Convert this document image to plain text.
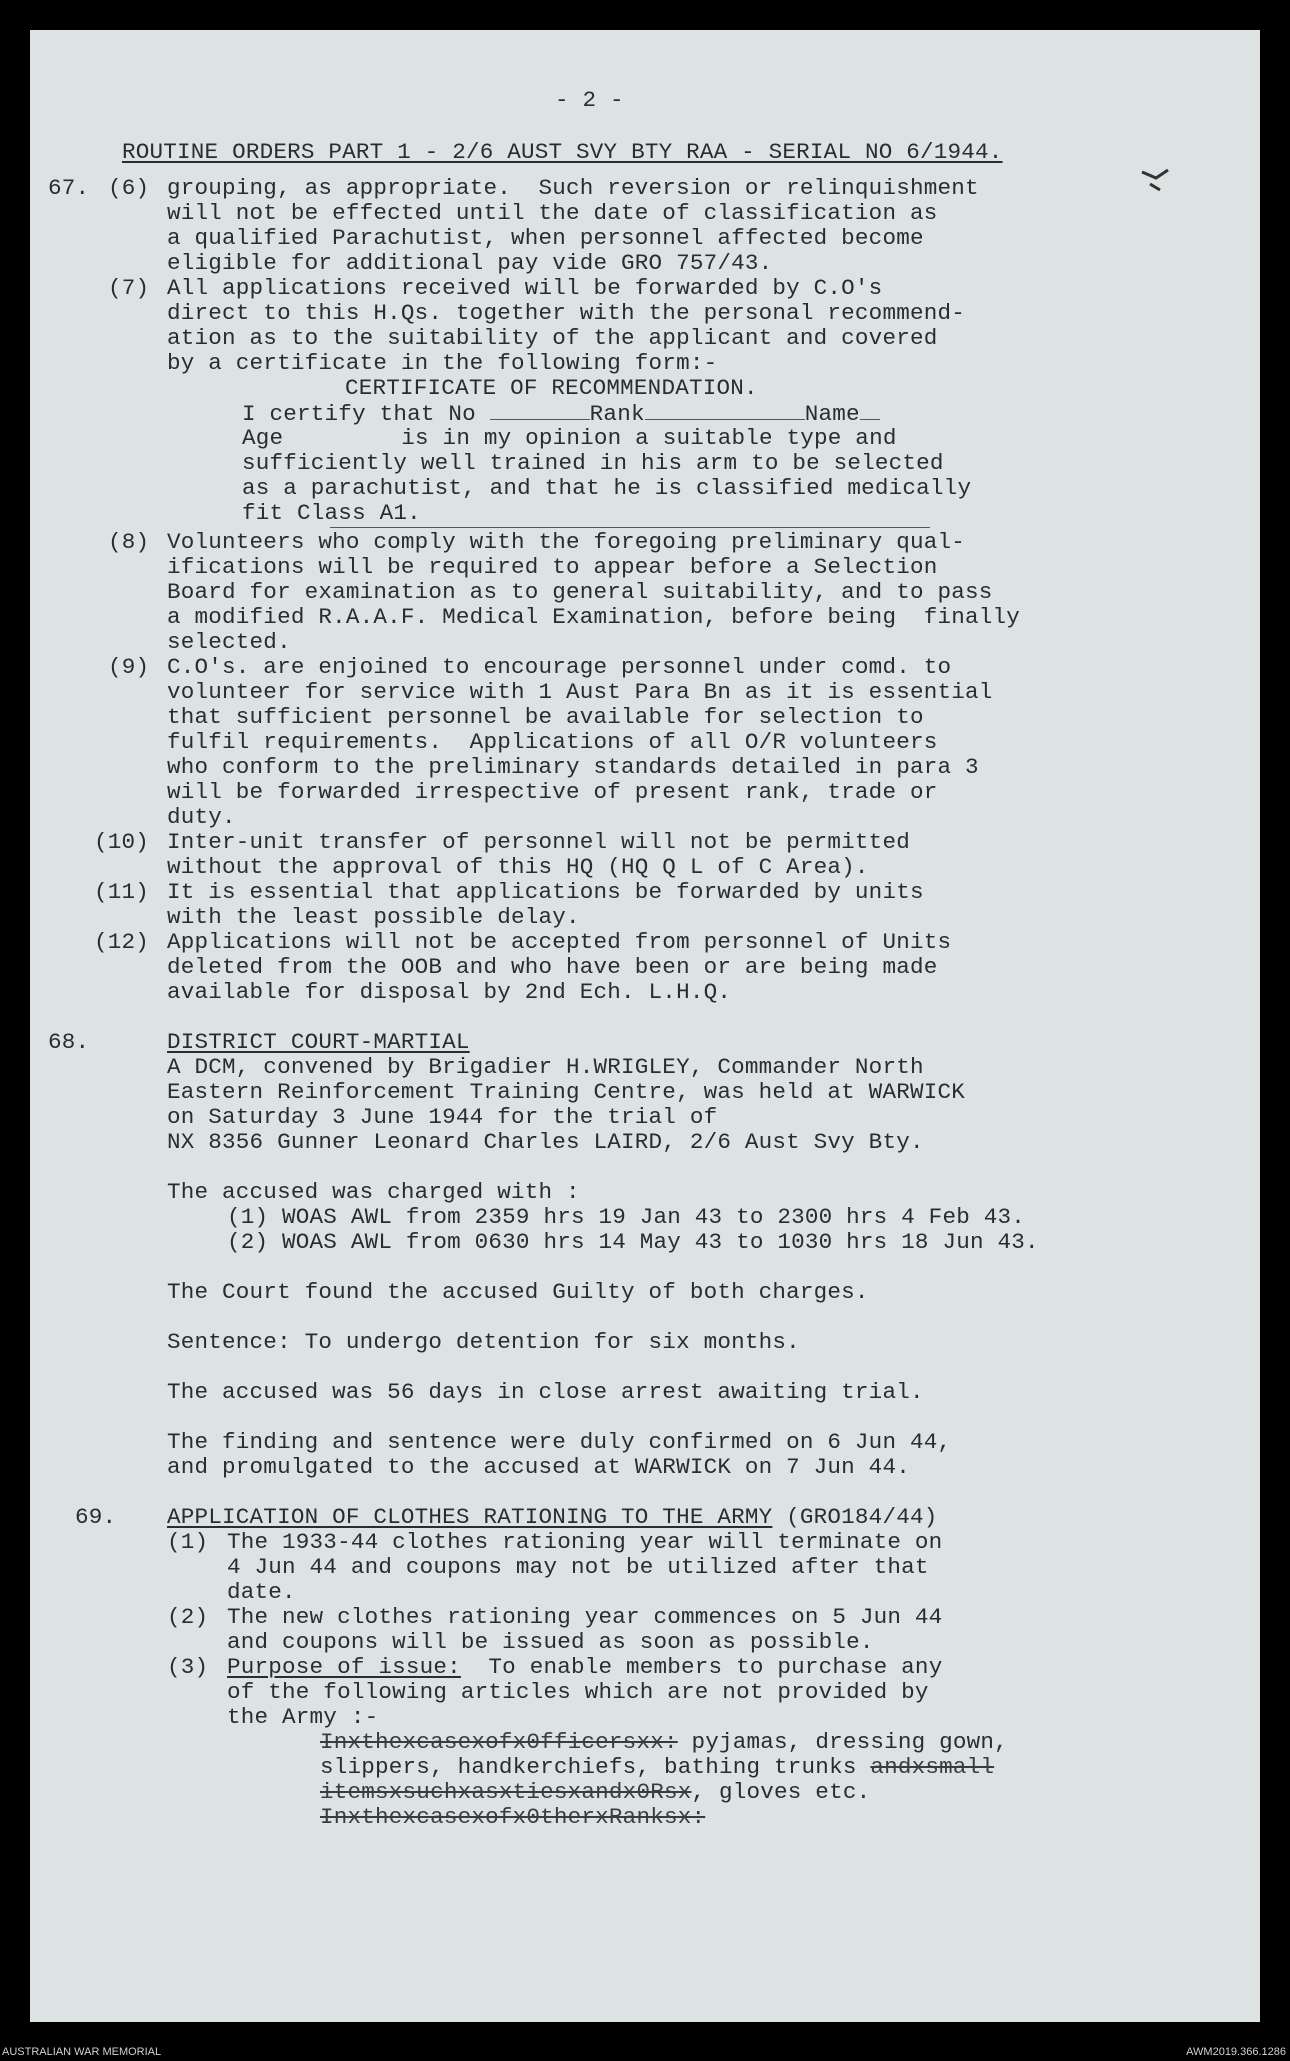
- 2 -
ROUTINE ORDERS PART 1 - 2/6 AUST SVY BTY RAA - SERIAL NO 6/1944.
67. (6) grouping, as appropriate.  Such reversion or relinquishment
will not be effected until the date of classification as
a qualified Parachutist, when personnel affected become
eligible for additional pay vide GRO 757/43.
(7) All applications received will be forwarded by C.O's
direct to this H.Qs. together with the personal recommend-
ation as to the suitability of the applicant and covered
by a certificate in the following form:-
CERTIFICATE OF RECOMMENDATION.
I certify that No	Rank	Name
Age	is in my opinion a suitable type and
sufficiently well trained in his arm to be selected
as a parachutist, and that he is classified medically
fit Class A1.
(8) Volunteers who comply with the foregoing preliminary qual-
ifications will be required to appear before a Selection
Board for examination as to general suitability, and to pass
a modified R.A.A.F. Medical Examination, before being  finally
selected.
(9) C.O's. are enjoined to encourage personnel under comd. to
volunteer for service with 1 Aust Para Bn as it is essential
that sufficient personnel be available for selection to
fulfil requirements.  Applications of all O/R volunteers
who conform to the preliminary standards detailed in para 3
will be forwarded irrespective of present rank, trade or
duty.
(10) Inter-unit transfer of personnel will not be permitted
without the approval of this HQ (HQ Q L of C Area).
(11) It is essential that applications be forwarded by units
with the least possible delay.
(12) Applications will not be accepted from personnel of Units
deleted from the OOB and who have been or are being made
available for disposal by 2nd Ech. L.H.Q.
68.	DISTRICT COURT-MARTIAL
A DCM, convened by Brigadier H.WRIGLEY, Commander North
Eastern Reinforcement Training Centre, was held at WARWICK
on Saturday 3 June 1944 for the trial of
NX 8356 Gunner Leonard Charles LAIRD, 2/6 Aust Svy Bty.
The accused was charged with :
(1) WOAS AWL from 2359 hrs 19 Jan 43 to 2300 hrs 4 Feb 43.
(2) WOAS AWL from 0630 hrs 14 May 43 to 1030 hrs 18 Jun 43.
The Court found the accused Guilty of both charges.
Sentence: To undergo detention for six months.
The accused was 56 days in close arrest awaiting trial.
The finding and sentence were duly confirmed on 6 Jun 44,
and promulgated to the accused at WARWICK on 7 Jun 44.
69. APPLICATION OF CLOTHES RATIONING TO THE ARMY (GRO184/44)
(1) The 1933-44 clothes rationing year will terminate on
4 Jun 44 and coupons may not be utilized after that
date.
(2) The new clothes rationing year commences on 5 Jun 44
and coupons will be issued as soon as possible.
(3) Purpose of issue:  To enable members to purchase any
of the following articles which are not provided by
the Army :-
Inxthexcasexofx0fficersxx: pyjamas, dressing gown,
slippers, handkerchiefs, bathing trunks andxsmall
itemsxsuchxasxtiesxandx0Rsx, gloves etc.
Inxthexcasexofx0therxRanksx:
AUSTRALIAN WAR MEMORIAL	AWM2019.366.1286
